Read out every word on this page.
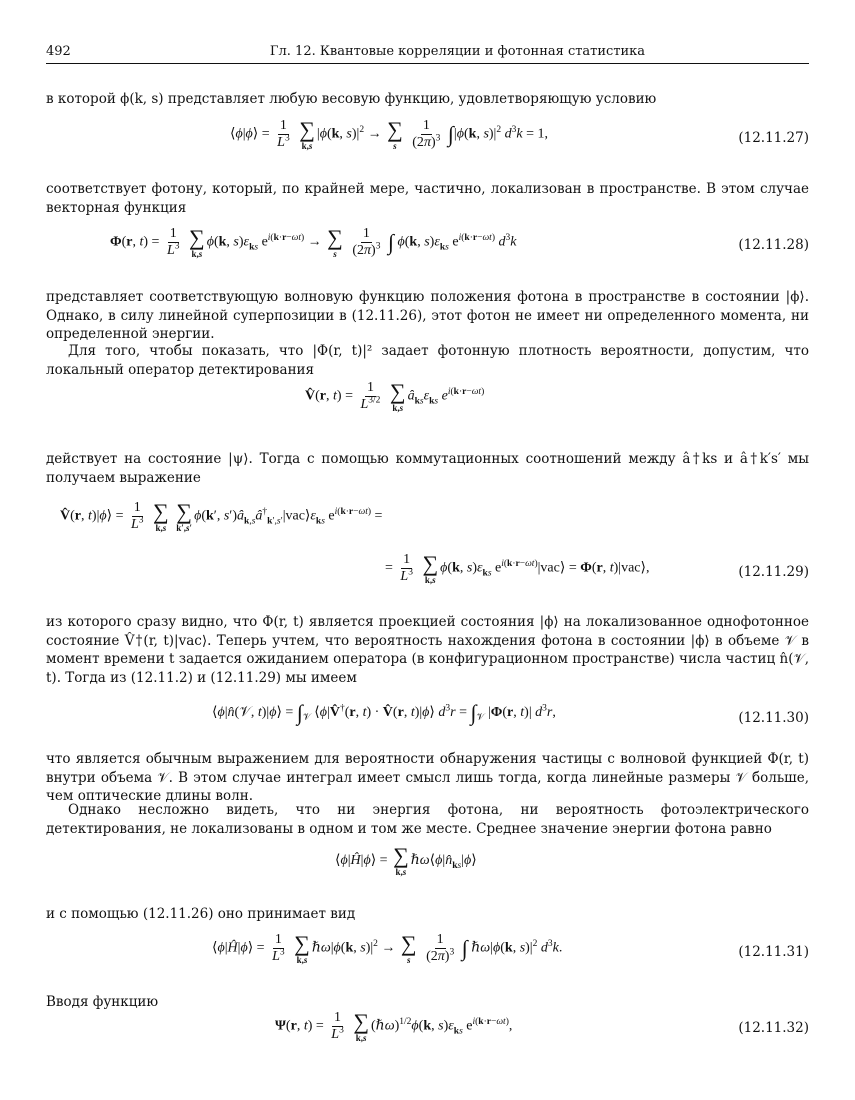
492	Гл. 12. Квантовые корреляции и фотонная статистика
в которой ϕ(k, s) представляет любую весовую функцию, удовлетворяющую условию
⟨ϕ|ϕ⟩ = $\frac{1}{L^3}$
∑
k,s
|ϕ(k, $s)|^2$ → ∑
s
$\frac{1}{(2\pi)^3} \int|\phi(k$, $s)|^2$ $d^3k = 1$,	(12.11.27)
соответствует фотону, который, по крайней мере, частично, локализован в пространстве. В этом случае векторная функция
Φ(r, $t) = \frac{1}{L^3}$
∑
k,s
ϕ(k, $s)\varepsilon_{ks}$ $e^{i(k\cdot r-\omega t)}$ → ∑
s
$\frac{1}{(2\pi)^3}$ ∫ ϕ(k, $s)\varepsilon_{ks}$ $e^{i(k\cdot r-\omega t)}$ $d^3k$	(12.11.28)
представляет соответствующую волновую функцию положения фотона в пространстве в состоянии |ϕ⟩. Однако, в силу линейной суперпозиции в (12.11.26), этот фотон не имеет ни определенного момента, ни определенной энергии.
Для того, чтобы показать, что |Φ(r, t)|² задает фотонную плотность вероятности, допустим, что локальный оператор детектирования
V̂(r, $t) = \frac{1}{L^{3/2}}$
∑
k,s
$â_{ks}\varepsilon_{ks}$ $e^{i(k\cdot r-\omega t)}$
действует на состояние |ψ⟩. Тогда с помощью коммутационных соотношений между â†ks и â†k′s′ мы получаем выражение
V̂(r, t)|ϕ⟩ = $\frac{1}{L^3}$
∑
k,s

∑
k′,s′
ϕ(k′, $s')â_{k,s}â^\dagger_{k',s'}|vac⟩\varepsilon_{ks}$ $e^{i(k\cdot r-\omega t)}$ =
= $\frac{1}{L^3}$
∑
k,s
ϕ(k, $s)\varepsilon_{ks}$ $e^{i(k\cdot r-\omega t)}|vac⟩ = \Phi(r$, t)|vac⟩,	(12.11.29)
из которого сразу видно, что Φ(r, t) является проекцией состояния |ϕ⟩ на локализованное однофотонное состояние V̂†(r, t)|vac⟩. Теперь учтем, что вероятность нахождения фотона в состоянии |ϕ⟩ в объеме 𝒱 в момент времени t задается ожиданием оператора (в конфигурационном пространстве) числа частиц n̂(𝒱, t). Тогда из (12.11.2) и (12.11.29) мы имеем
⟨ϕ|n̂(𝒱, t)|ϕ⟩ = $\int_𝒱$ ⟨ϕ|V̂†(r, t) · V̂(r, t)|ϕ⟩ $d^3r = \int_𝒱$ |Φ(r, t)| $d^3r$,	(12.11.30)
что является обычным выражением для вероятности обнаружения частицы с волновой функцией Φ(r, t) внутри объема 𝒱. В этом случае интеграл имеет смысл лишь тогда, когда линейные размеры 𝒱 больше, чем оптические длины волн.
Однако несложно видеть, что ни энергия фотона, ни вероятность фотоэлектрического детектирования, не локализованы в одном и том же месте. Среднее значение энергии фотона равно
⟨ϕ|Ĥ|ϕ⟩ = ∑
k,s
$\hbar\omega⟨\phi|n̂_{ks}|\phi⟩$
и с помощью (12.11.26) оно принимает вид
⟨ϕ|Ĥ|ϕ⟩ = $\frac{1}{L^3}$
∑
k,s
ℏω|ϕ(k, $s)|^2$ → ∑
s
$\frac{1}{(2\pi)^3}$ ∫ ℏω|ϕ(k, $s)|^2$ $d^3k$.	(12.11.31)
Вводя функцию
Ψ(r, $t) = \frac{1}{L^3}$
∑
k,s
(ℏω)$^{1/2}$ϕ(k, $s)\varepsilon_{ks}$ $e^{i(k\cdot r-\omega t)}$,	(12.11.32)
